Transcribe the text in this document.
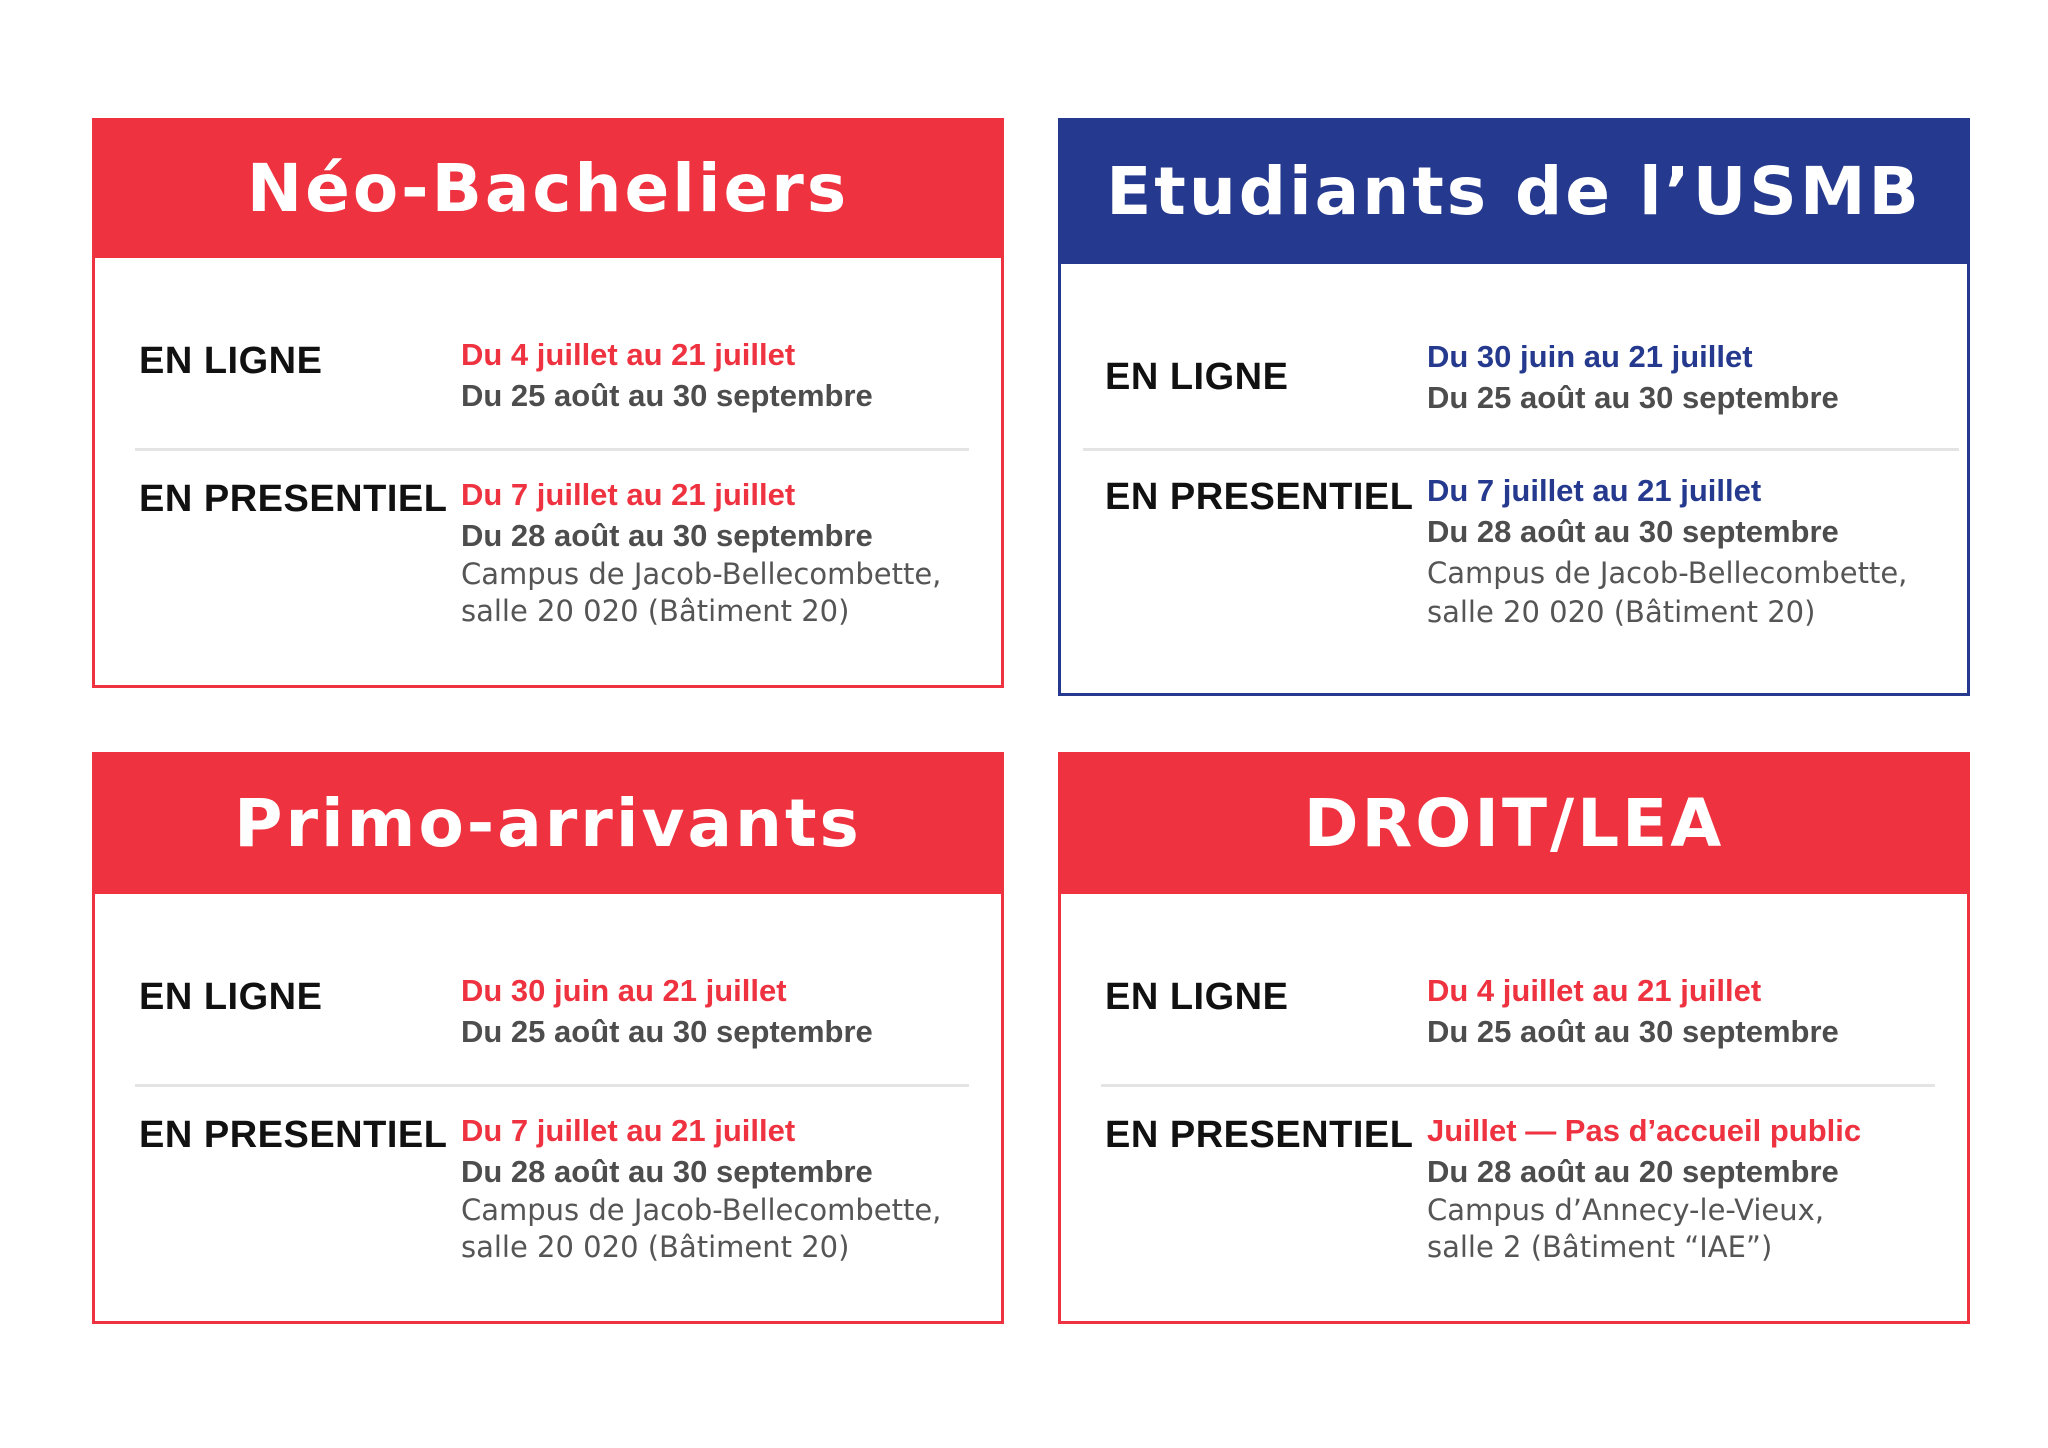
Néo-Bacheliers
EN LIGNE	Du 4 juillet au 21 juillet
Du 25 août au 30 septembre
EN PRESENTIEL Du 7 juillet au 21 juillet
Du 28 août au 30 septembre
Campus de Jacob-Bellecombette,
salle 20 020 (Bâtiment 20)
Etudiants de l’USMB
EN LIGNE	Du 30 juin au 21 juillet
Du 25 août au 30 septembre
EN PRESENTIEL Du 7 juillet au 21 juillet
Du 28 août au 30 septembre
Campus de Jacob-Bellecombette,
salle 20 020 (Bâtiment 20)
Primo-arrivants
EN LIGNE	Du 30 juin au 21 juillet
Du 25 août au 30 septembre
EN PRESENTIEL Du 7 juillet au 21 juillet
Du 28 août au 30 septembre
Campus de Jacob-Bellecombette,
salle 20 020 (Bâtiment 20)
DROIT/LEA
EN LIGNE	Du 4 juillet au 21 juillet
Du 25 août au 30 septembre
EN PRESENTIEL Juillet — Pas d’accueil public
Du 28 août au 20 septembre
Campus d’Annecy-le-Vieux,
salle 2 (Bâtiment “IAE”)
